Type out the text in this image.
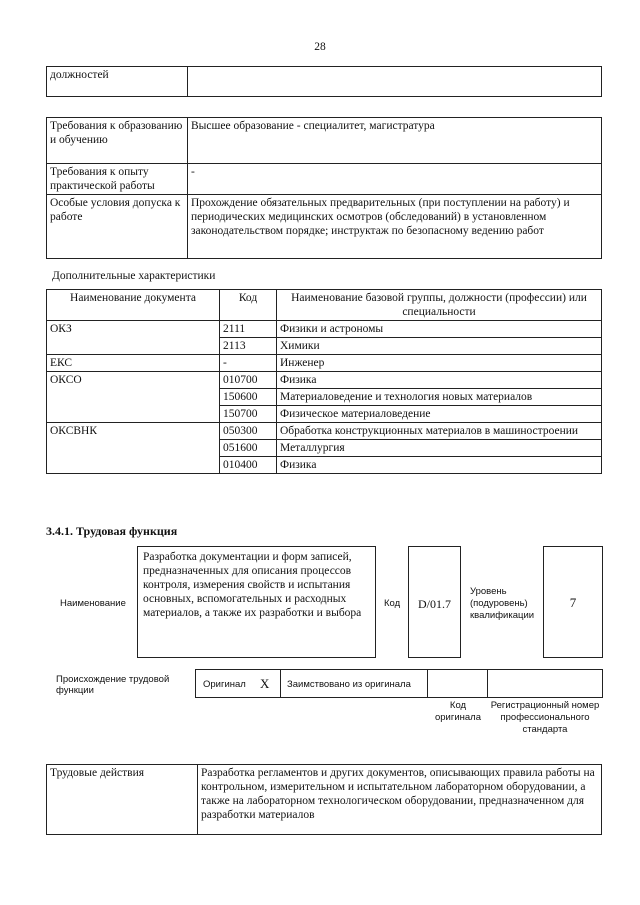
28
должностей	
Требования к образованию и обучению	Высшее образование - специалитет, магистратура
Требования к опыту практической работы	-
Особые условия допуска к работе	Прохождение обязательных предварительных (при поступлении на работу) и периодических медицинских осмотров (обследований) в установленном законодательством порядке; инструктаж по безопасному ведению работ
Дополнительные характеристики
Наименование документа	Код	Наименование базовой группы, должности (профессии) или специальности
ОКЗ	2111	Физики и астрономы
	2113	Химики
ЕКС	-	Инженер
ОКСО	010700	Физика
	150600	Материаловедение и технология новых материалов
	150700	Физическое материаловедение
ОКСВНК	050300	Обработка конструкционных материалов в машиностроении
	051600	Металлургия
	010400	Физика
3.4.1. Трудовая функция
Наименование
Разработка документации и форм записей, предназначенных для описания процессов контроля, измерения свойств и испытания основных, вспомогательных и расходных материалов, а также их разработки и выбора
Код	D/01.7
Уровень (подуровень) квалификации
7
Происхождение трудовой функции
Оригинал X Заимствовано из оригинала
Код оригинала
Регистрационный номер профессионального стандарта
Трудовые действия	Разработка регламентов и других документов, описывающих правила работы на контрольном, измерительном и испытательном лабораторном оборудовании, а также на лабораторном технологическом оборудовании, предназначенном для разработки материалов
